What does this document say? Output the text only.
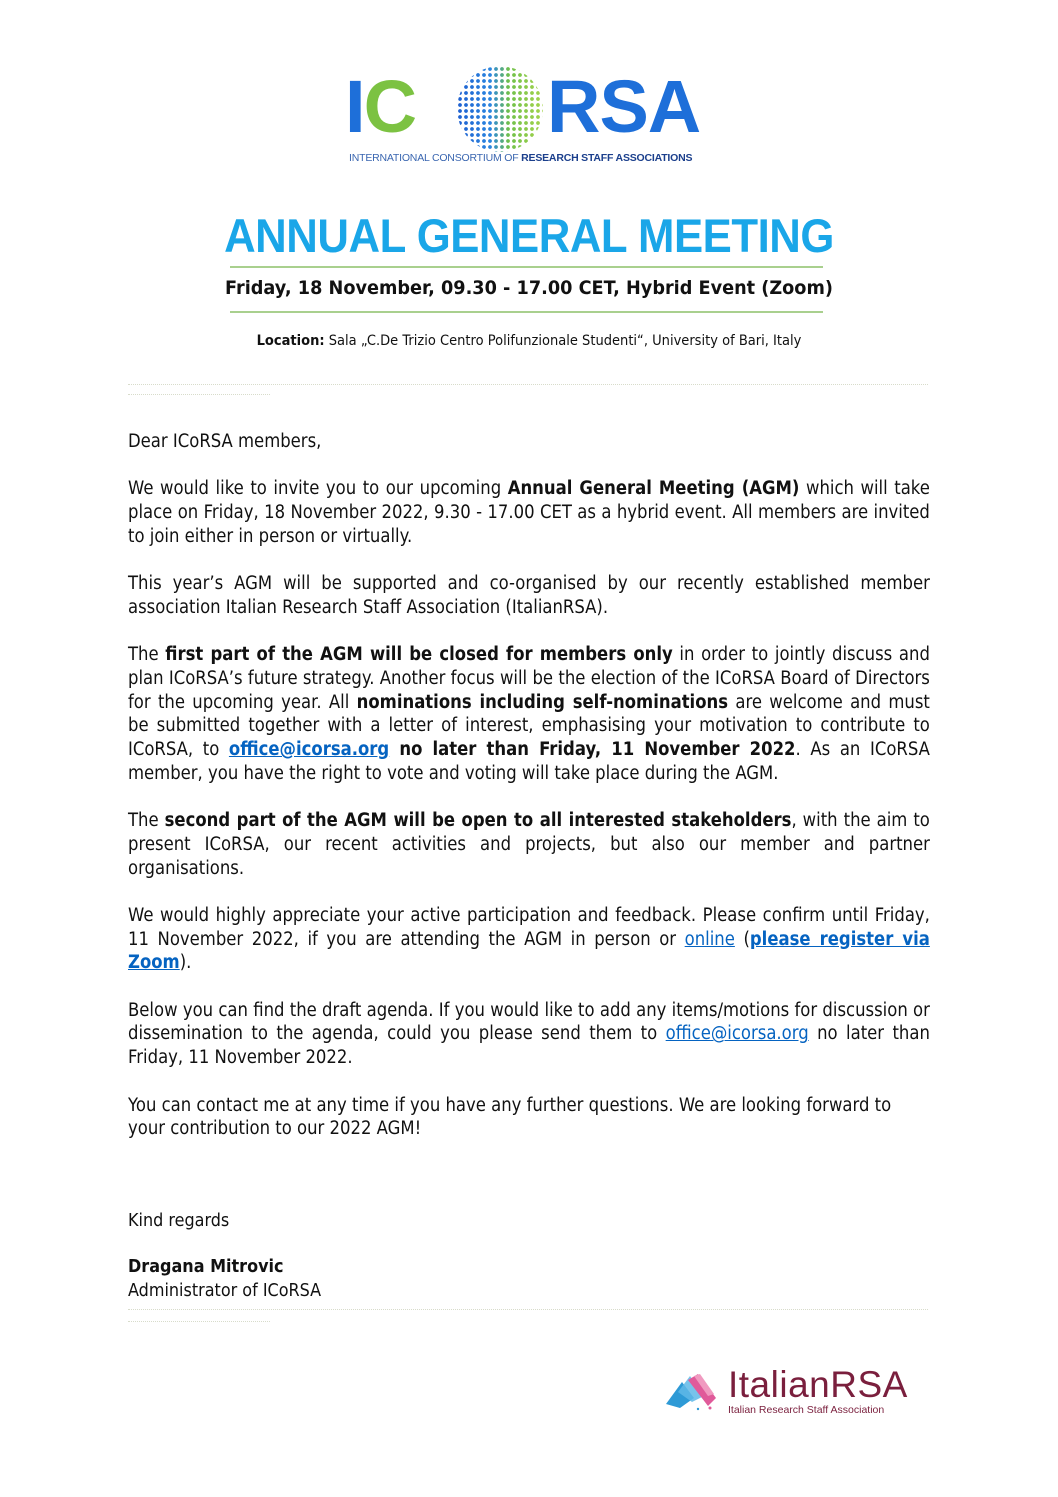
IC RSA
INTERNATIONAL CONSORTIUM OF RESEARCH STAFF ASSOCIATIONS
ANNUAL GENERAL MEETING
Friday, 18 November, 09.30 - 17.00 CET, Hybrid Event (Zoom)
Location: Sala „C.De Trizio Centro Polifunzionale Studenti“, University of Bari, Italy

Dear ICoRSA members,

We would like to invite you to our upcoming Annual General Meeting (AGM) which will take place on Friday, 18 November 2022, 9.30 - 17.00 CET as a hybrid event. All members are invited to join either in person or virtually.

This year’s AGM will be supported and co-organised by our recently established member association Italian Research Staff Association (ItalianRSA).

The first part of the AGM will be closed for members only in order to jointly discuss and plan ICoRSA’s future strategy. Another focus will be the election of the ICoRSA Board of Directors for the upcoming year. All nominations including self-nominations are welcome and must be submitted together with a letter of interest, emphasising your motivation to contribute to ICoRSA, to office@icorsa.org no later than Friday, 11 November 2022. As an ICoRSA member, you have the right to vote and voting will take place during the AGM.

The second part of the AGM will be open to all interested stakeholders, with the aim to present ICoRSA, our recent activities and projects, but also our member and partner organisations.

We would highly appreciate your active participation and feedback. Please confirm until Friday, 11 November 2022, if you are attending the AGM in person or online (please register via Zoom).

Below you can find the draft agenda. If you would like to add any items/motions for discussion or dissemination to the agenda, could you please send them to office@icorsa.org no later than Friday, 11 November 2022.

You can contact me at any time if you have any further questions. We are looking forward to your contribution to our 2022 AGM!

Kind regards
Dragana Mitrovic
Administrator of ICoRSA
ItalianRSA
Italian Research Staff Association
